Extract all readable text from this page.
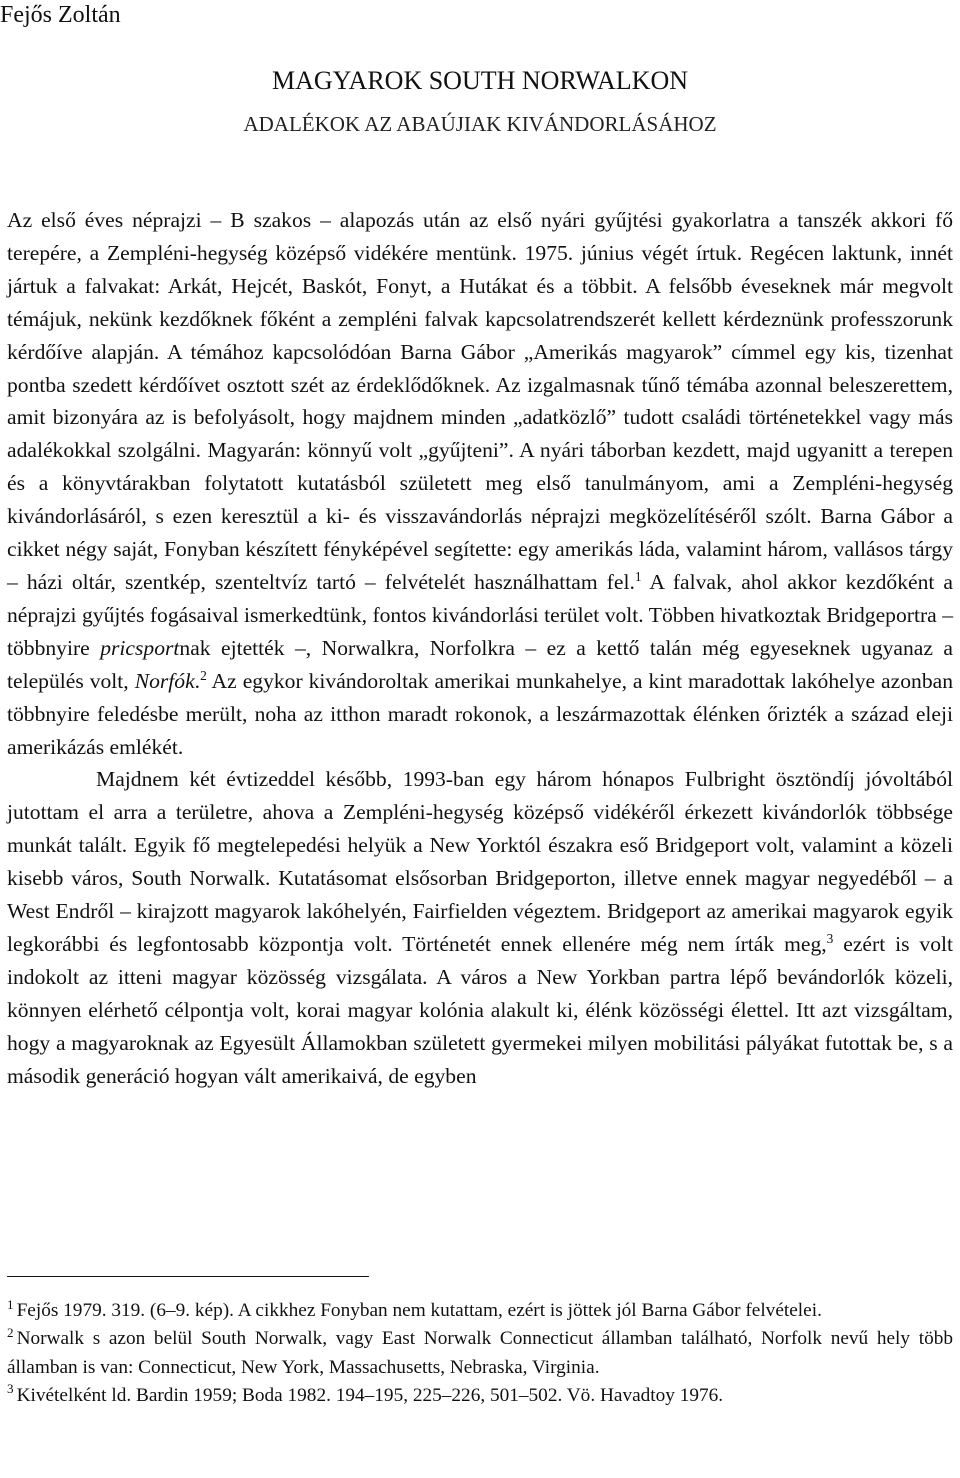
Fejős Zoltán
MAGYAROK SOUTH NORWALKON
ADALÉKOK AZ ABAÚJIAK KIVÁNDORLÁSÁHOZ

Az első éves néprajzi – B szakos – alapozás után az első nyári gyűjtési gyakorlatra a tanszék akkori fő terepére, a Zempléni-hegység középső vidékére mentünk. 1975. június végét írtuk. Regécen laktunk, innét jártuk a falvakat: Arkát, Hejcét, Baskót, Fonyt, a Hutákat és a többit. A felsőbb éveseknek már megvolt témájuk, nekünk kezdőknek főként a zempléni falvak kapcsolatrendszerét kellett kérdeznünk professzorunk kérdőíve alapján. A témához kapcsolódóan Barna Gábor „Amerikás magyarok” címmel egy kis, tizenhat pontba szedett kérdőívet osztott szét az érdeklődőknek. Az izgalmasnak tűnő témába azonnal beleszerettem, amit bizonyára az is befolyásolt, hogy majdnem minden „adatközlő” tudott családi történetekkel vagy más adalékokkal szolgálni. Magyarán: könnyű volt „gyűjteni”. A nyári táborban kezdett, majd ugyanitt a terepen és a könyvtárakban folytatott kutatásból született meg első tanulmányom, ami a Zempléni-hegység kivándorlásáról, s ezen keresztül a ki- és visszavándorlás néprajzi megközelítéséről szólt. Barna Gábor a cikket négy saját, Fonyban készített fényképével segítette: egy amerikás láda, valamint három, vallásos tárgy – házi oltár, szentkép, szenteltvíz tartó – felvételét használhattam fel.$^1$ A falvak, ahol akkor kezdőként a néprajzi gyűjtés fogásaival ismerkedtünk, fontos kivándorlási terület volt. Többen hivatkoztak Bridgeportra – többnyire pricsportnak ejtették –, Norwalkra, Norfolkra – ez a kettő talán még egyeseknek ugyanaz a település volt, Norfók.$^2$ Az egykor kivándoroltak amerikai munkahelye, a kint maradottak lakóhelye azonban többnyire feledésbe merült, noha az itthon maradt rokonok, a leszármazottak élénken őrizték a század eleji amerikázás emlékét.

Majdnem két évtizeddel később, 1993-ban egy három hónapos Fulbright ösztöndíj jóvoltából jutottam el arra a területre, ahova a Zempléni-hegység középső vidékéről érkezett kivándorlók többsége munkát talált. Egyik fő megtelepedési helyük a New Yorktól északra eső Bridgeport volt, valamint a közeli kisebb város, South Norwalk. Kutatásomat elsősorban Bridgeporton, illetve ennek magyar negyedéből – a West Endről – kirajzott magyarok lakóhelyén, Fairfielden végeztem. Bridgeport az amerikai magyarok egyik legkorábbi és legfontosabb központja volt. Történetét ennek ellenére még nem írták meg,$^3$ ezért is volt indokolt az itteni magyar közösség vizsgálata. A város a New Yorkban partra lépő bevándorlók közeli, könnyen elérhető célpontja volt, korai magyar kolónia alakult ki, élénk közösségi élettel. Itt azt vizsgáltam, hogy a magyaroknak az Egyesült Államokban született gyermekei milyen mobilitási pályákat futottak be, s a második generáció hogyan vált amerikaivá, de egyben

$^1$ Fejős 1979. 319. (6–9. kép). A cikkhez Fonyban nem kutattam, ezért is jöttek jól Barna Gábor felvételei.

$^2$ Norwalk s azon belül South Norwalk, vagy East Norwalk Connecticut államban található, Norfolk nevű hely több államban is van: Connecticut, New York, Massachusetts, Nebraska, Virginia.

$^3$ Kivételként ld. Bardin 1959; Boda 1982. 194–195, 225–226, 501–502. Vö. Havadtoy 1976.
